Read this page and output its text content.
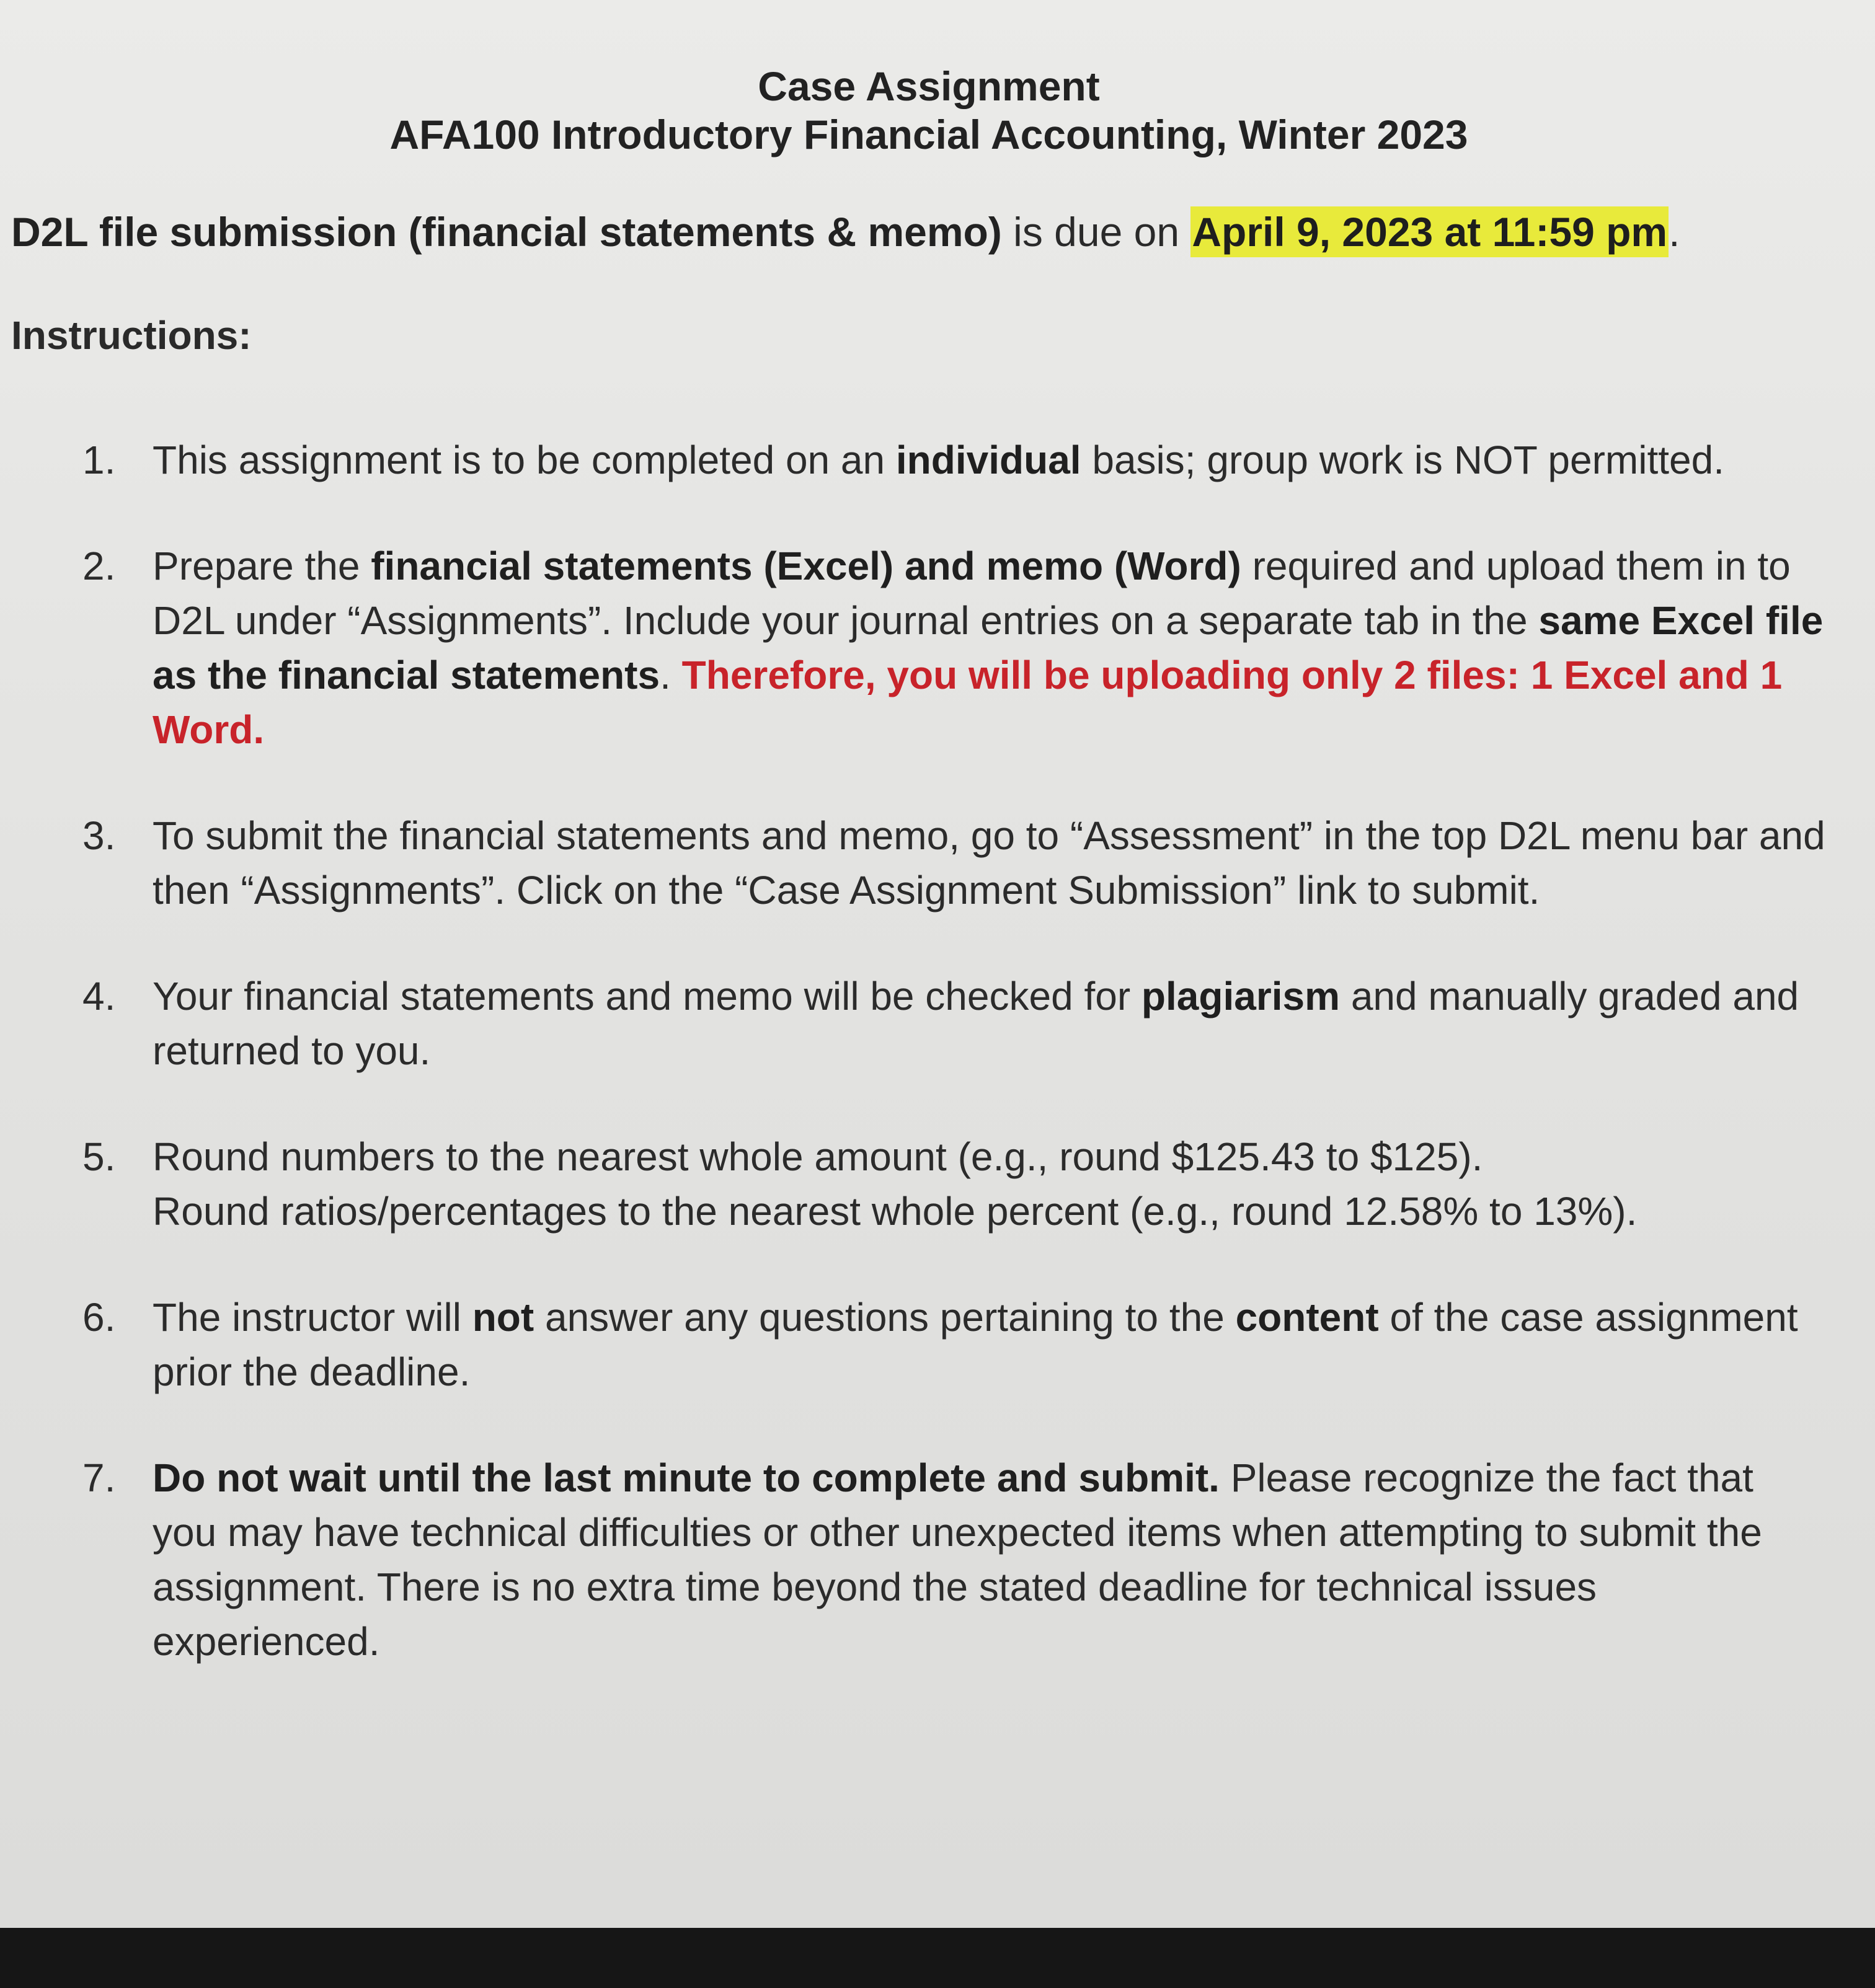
Case Assignment

AFA100 Introductory Financial Accounting, Winter 2023

D2L file submission (financial statements & memo) is due on April 9, 2023 at 11:59 pm.
Instructions:
1. This assignment is to be completed on an individual basis; group work is NOT permitted.
2. Prepare the financial statements (Excel) and memo (Word) required and upload them in to D2L under “Assignments”. Include your journal entries on a separate tab in the same Excel file as the financial statements. Therefore, you will be uploading only 2 files: 1 Excel and 1 Word.
3. To submit the financial statements and memo, go to “Assessment” in the top D2L menu bar and then “Assignments”. Click on the “Case Assignment Submission” link to submit.
4. Your financial statements and memo will be checked for plagiarism and manually graded and returned to you.
5. Round numbers to the nearest whole amount (e.g., round $125.43 to $125).
Round ratios/percentages to the nearest whole percent (e.g., round 12.58% to 13%).
6. The instructor will not answer any questions pertaining to the content of the case assignment prior the deadline.
7. Do not wait until the last minute to complete and submit. Please recognize the fact that you may have technical difficulties or other unexpected items when attempting to submit the assignment. There is no extra time beyond the stated deadline for technical issues experienced.
